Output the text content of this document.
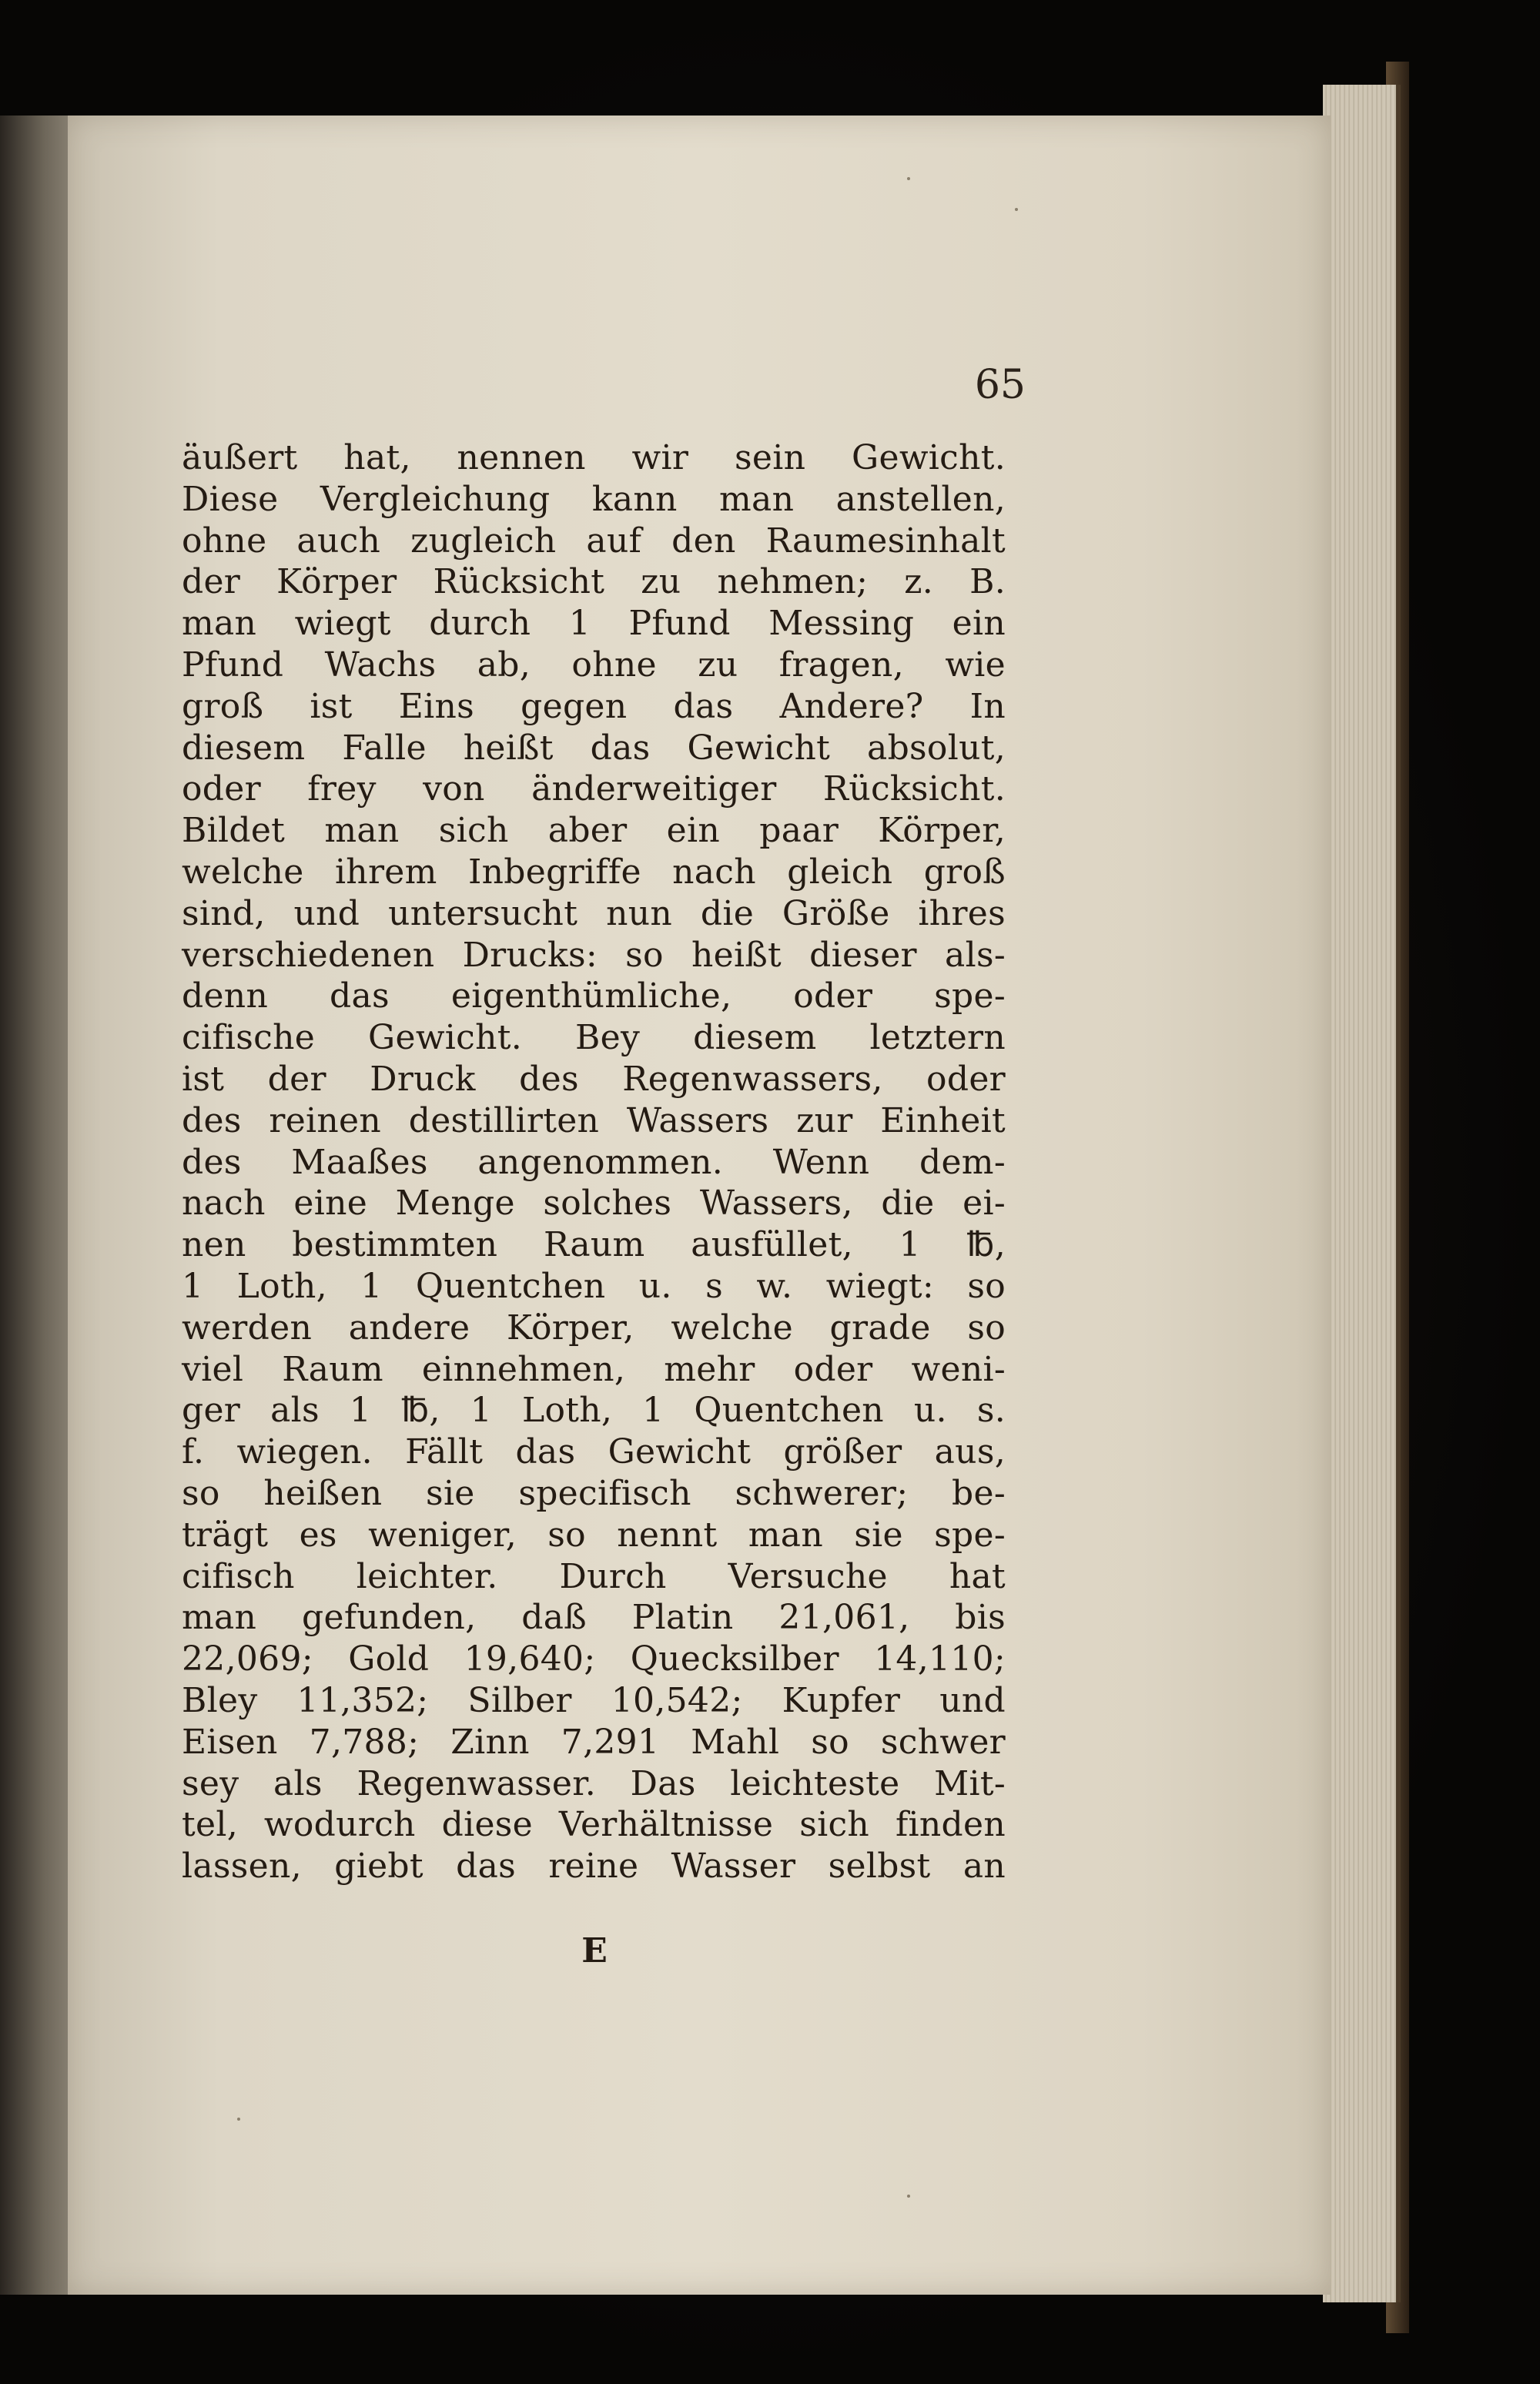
65
äußert hat, nennen wir sein Gewicht.
Diese Vergleichung kann man anstellen,
ohne auch zugleich auf den Raumesinhalt
der Körper Rücksicht zu nehmen; z. B.
man wiegt durch 1 Pfund Messing ein
Pfund Wachs ab, ohne zu fragen, wie
groß ist Eins gegen das Andere? In
diesem Falle heißt das Gewicht absolut,
oder frey von änderweitiger Rücksicht.
Bildet man sich aber ein paar Körper,
welche ihrem Inbegriffe nach gleich groß
sind, und untersucht nun die Größe ihres
verschiedenen Drucks: so heißt dieser als-
denn das eigenthümliche, oder spe-
cifische Gewicht. Bey diesem letztern
ist der Druck des Regenwassers, oder
des reinen destillirten Wassers zur Einheit
des Maaßes angenommen. Wenn dem-
nach eine Menge solches Wassers, die ei-
nen bestimmten Raum ausfüllet, 1 ℔,
1 Loth, 1 Quentchen u. s w. wiegt: so
werden andere Körper, welche grade so
viel Raum einnehmen, mehr oder weni-
ger als 1 ℔, 1 Loth, 1 Quentchen u. s.
f. wiegen. Fällt das Gewicht größer aus,
so heißen sie specifisch schwerer; be-
trägt es weniger, so nennt man sie spe-
cifisch leichter. Durch Versuche hat
man gefunden, daß Platin 21,061, bis
22,069; Gold 19,640; Quecksilber 14,110;
Bley 11,352; Silber 10,542; Kupfer und
Eisen 7,788; Zinn 7,291 Mahl so schwer
sey als Regenwasser. Das leichteste Mit-
tel, wodurch diese Verhältnisse sich finden
lassen, giebt das reine Wasser selbst an
E
